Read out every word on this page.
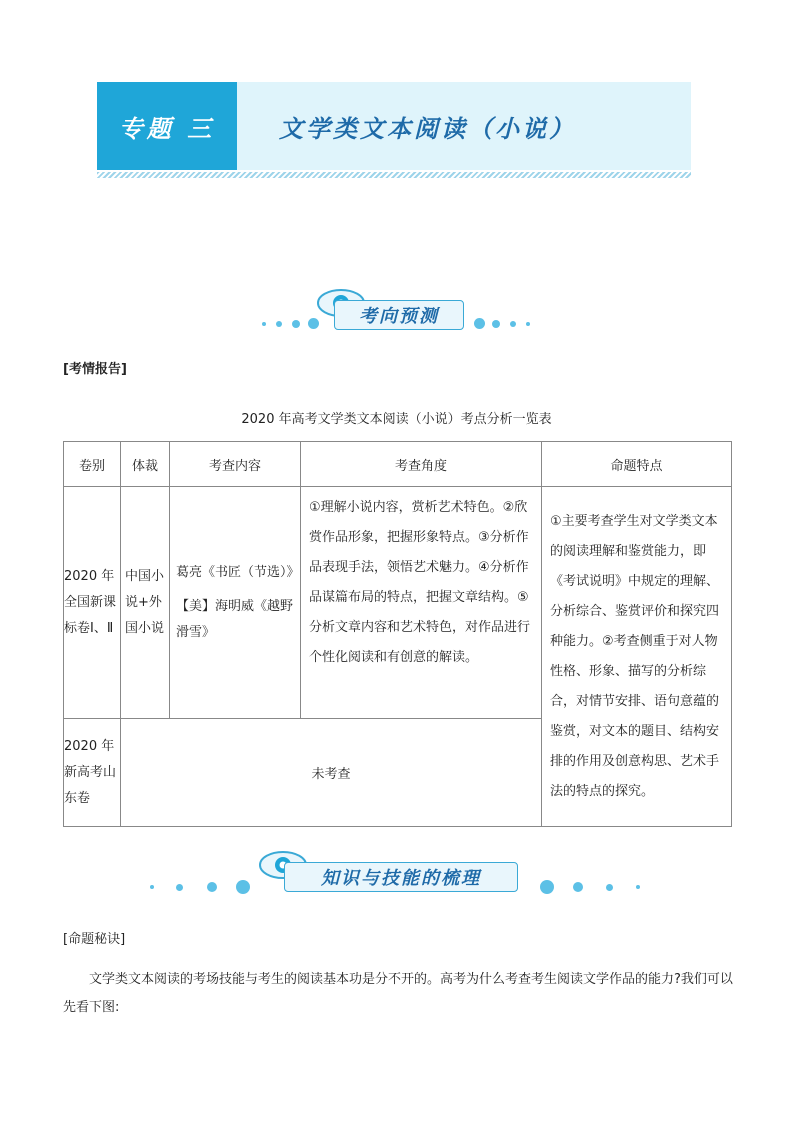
专题 三	文学类文本阅读（小说）
考向预测
[考情报告]
2020 年高考文学类文本阅读（小说）考点分析一览表
卷别	体裁	考查内容	考查角度	命题特点

2020 年全国新课标卷Ⅰ、Ⅱ	中国小说+外国小说	葛亮《书匠（节选）》
【美】海明威《越野滑雪》	①理解小说内容，赏析艺术特色。②欣赏作品形象，把握形象特点。③分析作品表现手法，领悟艺术魅力。④分析作品谋篇布局的特点，把握文章结构。⑤分析文章内容和艺术特色，对作品进行个性化阅读和有创意的解读。	①主要考查学生对文学类文本的阅读理解和鉴赏能力，即《考试说明》中规定的理解、分析综合、鉴赏评价和探究四种能力。②考查侧重于对人物性格、形象、描写的分析综合，对情节安排、语句意蕴的鉴赏，对文本的题目、结构安排的作用及创意构思、艺术手法的特点的探究。

2020 年新高考山东卷	未考查			
知识与技能的梳理
[命题秘诀]
文学类文本阅读的考场技能与考生的阅读基本功是分不开的。高考为什么考查考生阅读文学作品的能力?我们可以先看下图:
